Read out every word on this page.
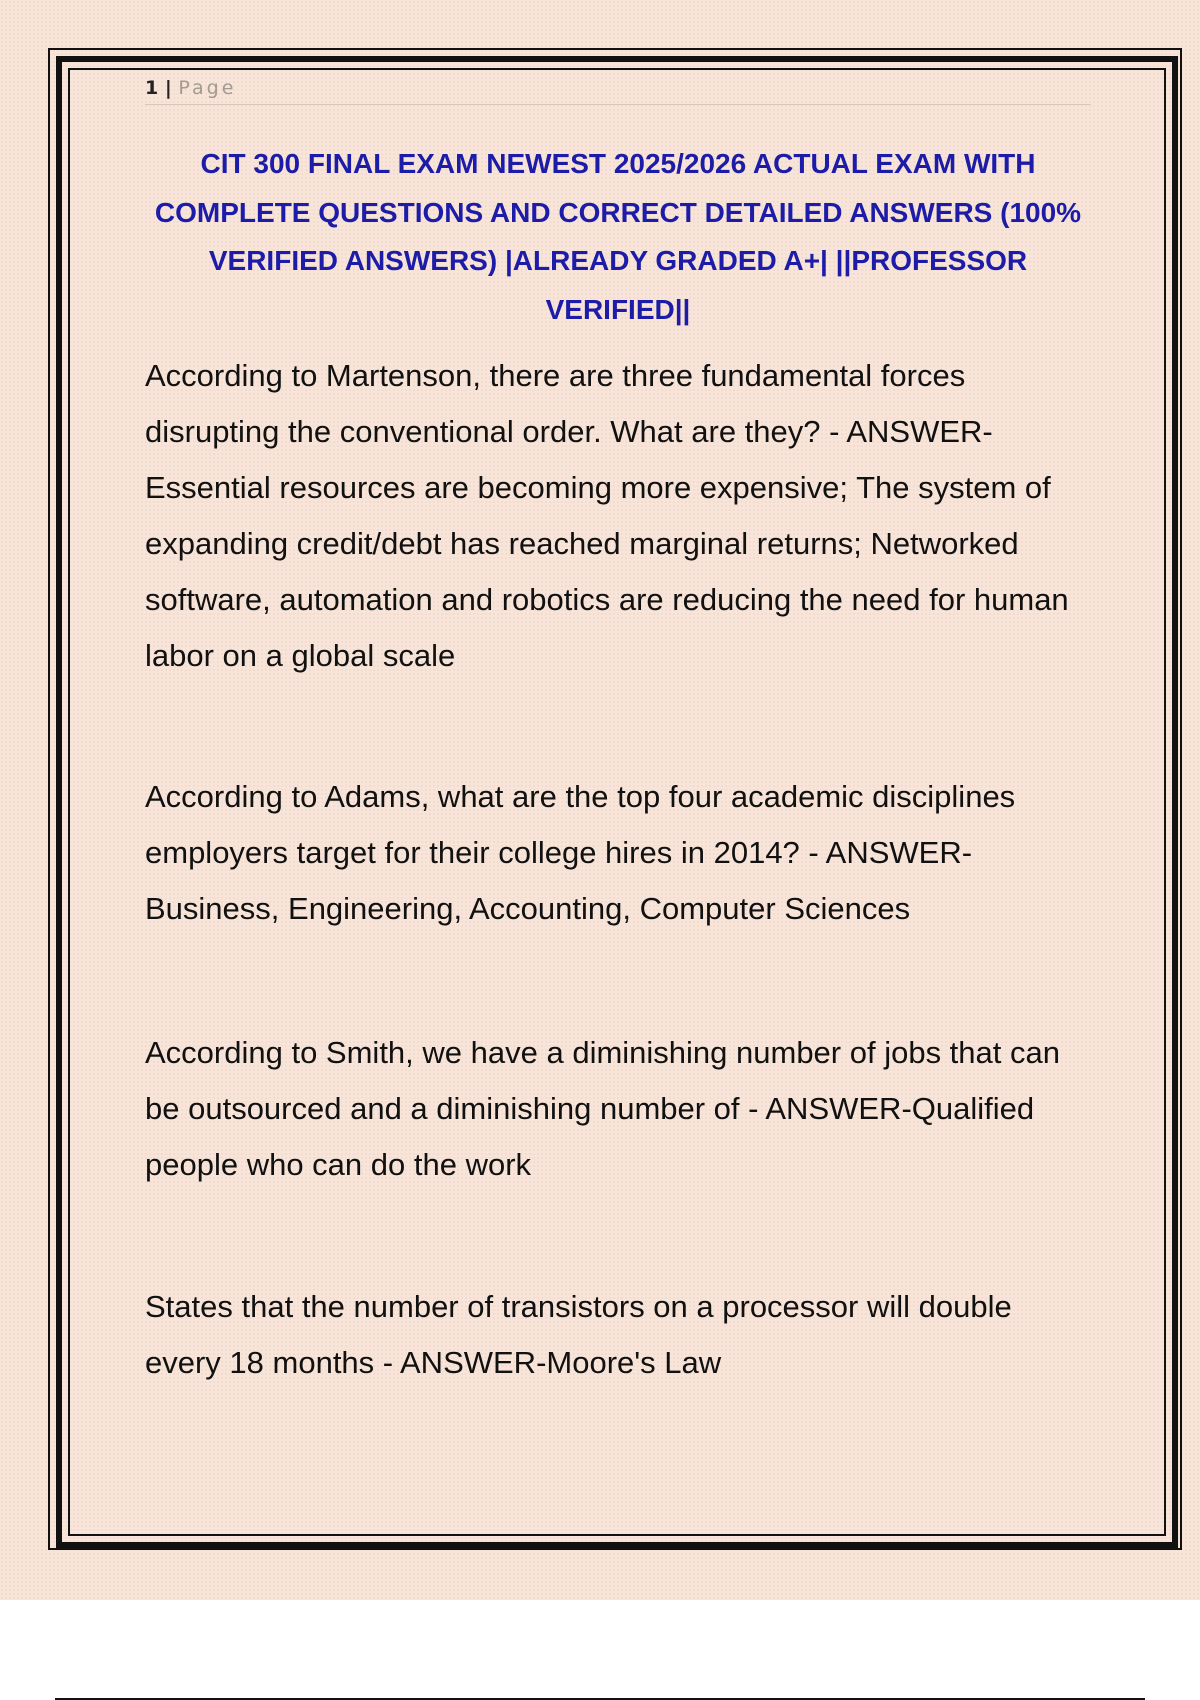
1 | Page
CIT 300 FINAL EXAM NEWEST 2025/2026 ACTUAL EXAM WITH COMPLETE QUESTIONS AND CORRECT DETAILED ANSWERS (100% VERIFIED ANSWERS) |ALREADY GRADED A+| ||PROFESSOR VERIFIED||

According to Martenson, there are three fundamental forces disrupting the conventional order. What are they? - ANSWER-Essential resources are becoming more expensive; The system of expanding credit/debt has reached marginal returns; Networked software, automation and robotics are reducing the need for human labor on a global scale

According to Adams, what are the top four academic disciplines employers target for their college hires in 2014? - ANSWER-Business, Engineering, Accounting, Computer Sciences

According to Smith, we have a diminishing number of jobs that can be outsourced and a diminishing number of - ANSWER-Qualified people who can do the work

States that the number of transistors on a processor will double every 18 months - ANSWER-Moore's Law
